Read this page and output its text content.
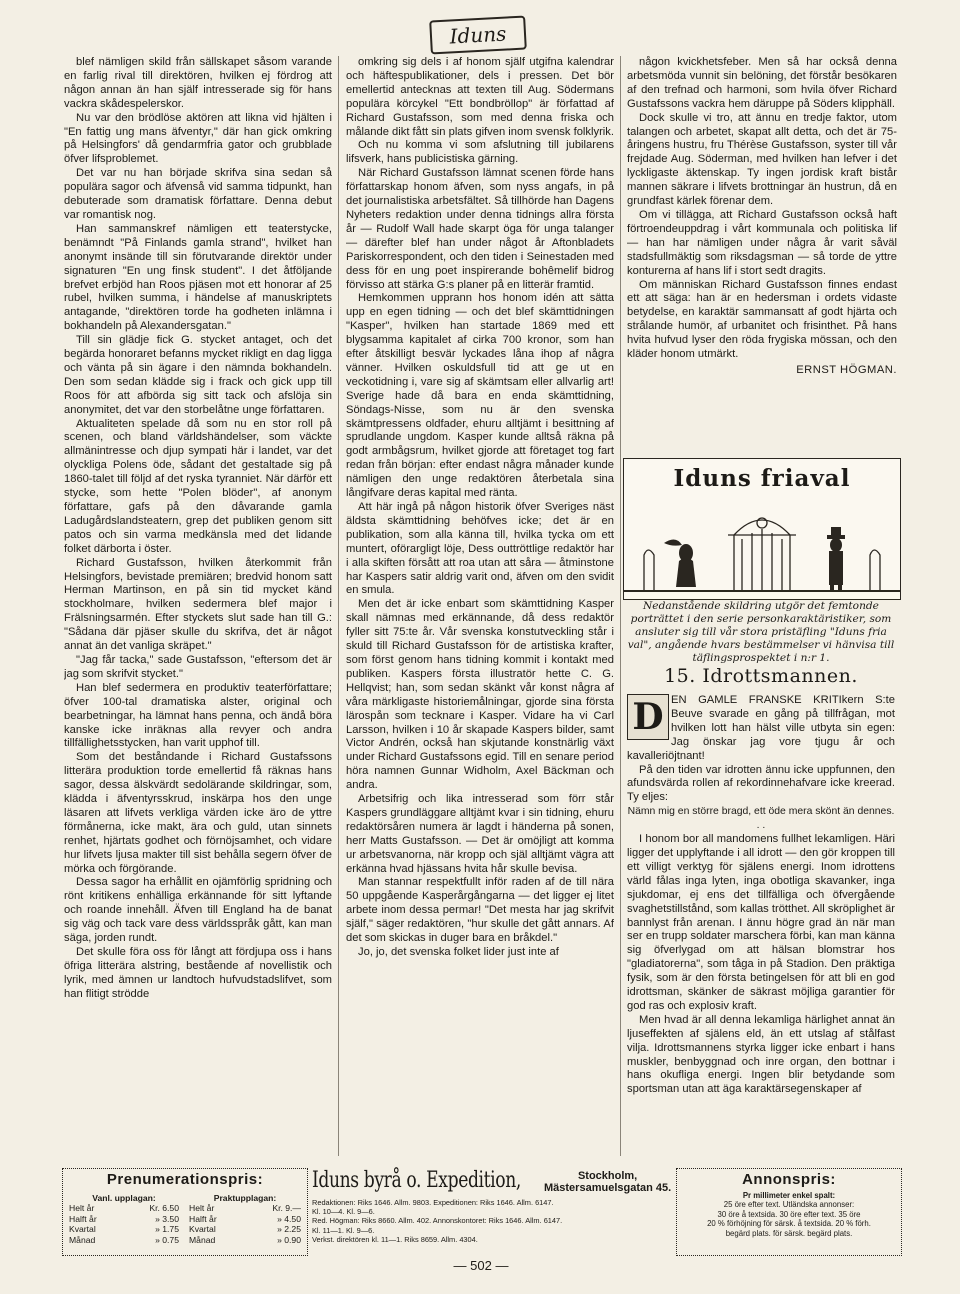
Iduns

blef nämligen skild från sällskapet såsom varande en farlig rival till direktören, hvilken ej fördrog att någon annan än han själf intresserade sig för hans vackra skådespelerskor.

Nu var den brödlöse aktören att likna vid hjälten i "En fattig ung mans äfventyr," där han gick omkring på Helsingfors' då gendarmfria gator och grubblade öfver lifsproblemet.

Det var nu han började skrifva sina sedan så populära sagor och äfvenså vid samma tidpunkt, han debuterade som dramatisk författare. Denna debut var romantisk nog.

Han sammanskref nämligen ett teaterstycke, benämndt "På Finlands gamla strand", hvilket han anonymt insände till sin förutvarande direktör under signaturen "En ung finsk student". I det åtföljande brefvet erbjöd han Roos pjäsen mot ett honorar af 25 rubel, hvilken summa, i händelse af manuskriptets antagande, "direktören torde ha godheten inlämna i bokhandeln på Alexandersgatan."

Till sin glädje fick G. stycket antaget, och det begärda honoraret befanns mycket rikligt en dag ligga och vänta på sin ägare i den nämnda bokhandeln. Den som sedan klädde sig i frack och gick upp till Roos för att afbörda sig sitt tack och afslöja sin anonymitet, det var den storbelåtne unge författaren.

Aktualiteten spelade då som nu en stor roll på scenen, och bland världshändelser, som väckte allmänintresse och djup sympati här i landet, var det olyckliga Polens öde, sådant det gestaltade sig på 1860-talet till följd af det ryska tyranniet. När därför ett stycke, som hette "Polen blöder", af anonym författare, gafs på den dåvarande gamla Ladugårdslandsteatern, grep det publiken genom sitt patos och sin varma medkänsla med det lidande folket därborta i öster.

Richard Gustafsson, hvilken återkommit från Helsingfors, bevistade premiären; bredvid honom satt Herman Martinson, en på sin tid mycket känd stockholmare, hvilken sedermera blef major i Frälsningsarmén. Efter styckets slut sade han till G.: "Sådana där pjäser skulle du skrifva, det är något annat än det vanliga skräpet."

"Jag får tacka," sade Gustafsson, "eftersom det är jag som skrifvit stycket."

Han blef sedermera en produktiv teaterförfattare; öfver 100-tal dramatiska alster, original och bearbetningar, ha lämnat hans penna, och ändå böra kanske icke inräknas alla revyer och andra tillfällighetsstycken, han varit upphof till.

Som det beståndande i Richard Gustafssons litterära produktion torde emellertid få räknas hans sagor, dessa älskvärdt sedolärande skildringar, som, klädda i äfventyrsskrud, inskärpa hos den unge läsaren att lifvets verkliga värden icke äro de yttre förmånerna, icke makt, ära och guld, utan sinnets renhet, hjärtats godhet och förnöjsamhet, och vidare hur lifvets ljusa makter till sist behålla segern öfver de mörka och förgörande.

Dessa sagor ha erhållit en ojämförlig spridning och rönt kritikens enhälliga erkännande för sitt lyftande och roande innehåll. Äfven till England ha de banat sig väg och tack vare dess världsspråk gått, kan man säga, jorden rundt.

Det skulle föra oss för långt att fördjupa oss i hans öfriga litterära alstring, bestående af novellistik och lyrik, med ämnen ur landtoch hufvudstadslifvet, som han flitigt strödde

omkring sig dels i af honom själf utgifna kalendrar och häftespublikationer, dels i pressen. Det bör emellertid antecknas att texten till Aug. Södermans populära körcykel "Ett bondbröllop" är författad af Richard Gustafsson, som med denna friska och målande dikt fått sin plats gifven inom svensk folklyrik.

Och nu komma vi som afslutning till jubilarens lifsverk, hans publicistiska gärning.

När Richard Gustafsson lämnat scenen förde hans författarskap honom äfven, som nyss angafs, in på det journalistiska arbetsfältet. Så tillhörde han Dagens Nyheters redaktion under denna tidnings allra första år — Rudolf Wall hade skarpt öga för unga talanger — därefter blef han under något år Aftonbladets Pariskorrespondent, och den tiden i Seinestaden med dess för en ung poet inspirerande bohêmelif bidrog förvisso att stärka G:s planer på en litterär framtid.

Hemkommen upprann hos honom idén att sätta upp en egen tidning — och det blef skämttidningen "Kasper", hvilken han startade 1869 med ett blygsamma kapitalet af cirka 700 kronor, som han efter åtskilligt besvär lyckades låna ihop af några vänner. Hvilken oskuldsfull tid att ge ut en veckotidning i, vare sig af skämtsam eller allvarlig art! Sverige hade då bara en enda skämttidning, Söndags-Nisse, som nu är den svenska skämtpressens oldfader, ehuru alltjämt i besittning af sprudlande ungdom. Kasper kunde alltså räkna på godt armbågsrum, hvilket gjorde att företaget tog fart redan från början: efter endast några månader kunde nämligen den unge redaktören återbetala sina långifvare deras kapital med ränta.

Att här ingå på någon historik öfver Sveriges näst äldsta skämttidning behöfves icke; det är en publikation, som alla känna till, hvilka tycka om ett muntert, oförargligt löje, Dess outtröttlige redaktör har i alla skiften försått att roa utan att såra — åtminstone har Kaspers satir aldrig varit ond, äfven om den svidit en smula.

Men det är icke enbart som skämttidning Kasper skall nämnas med erkännande, då dess redaktör fyller sitt 75:te år. Vår svenska konstutveckling står i skuld till Richard Gustafsson för de artistiska krafter, som först genom hans tidning kommit i kontakt med publiken. Kaspers första illustratör hette C. G. Hellqvist; han, som sedan skänkt vår konst några af våra märkligaste historiemålningar, gjorde sina första lärospån som tecknare i Kasper. Vidare ha vi Carl Larsson, hvilken i 10 år skapade Kaspers bilder, samt Victor Andrén, också han skjutande konstnärlig växt under Richard Gustafssons egid. Till en senare period höra namnen Gunnar Widholm, Axel Bäckman och andra.

Arbetsifrig och lika intresserad som förr står Kaspers grundläggare alltjämt kvar i sin tidning, ehuru redaktörsåren numera är lagdt i händerna på sonen, herr Matts Gustafsson. — Det är omöjligt att komma ur arbetsvanorna, när kropp och själ alltjämt vägra att erkänna hvad hjässans hvita hår skulle bevisa.

Man stannar respektfullt inför raden af de till nära 50 uppgående Kasperårgångarna — det ligger ej litet arbete inom dessa permar! "Det mesta har jag skrifvit själf," säger redaktören, "hur skulle det gått annars. Af det som skickas in duger bara en bråkdel."

Jo, jo, det svenska folket lider just inte af

någon kvickhetsfeber. Men så har också denna arbetsmöda vunnit sin belöning, det förstår besökaren af den trefnad och harmoni, som hvila öfver Richard Gustafssons vackra hem däruppe på Söders klipphäll.

Dock skulle vi tro, att ännu en tredje faktor, utom talangen och arbetet, skapat allt detta, och det är 75-åringens hustru, fru Thérèse Gustafsson, syster till vår frejdade Aug. Söderman, med hvilken han lefver i det lyckligaste äktenskap. Ty ingen jordisk kraft bistår mannen säkrare i lifvets brottningar än hustrun, då en grundfast kärlek förenar dem.

Om vi tillägga, att Richard Gustafsson också haft förtroendeuppdrag i vårt kommunala och politiska lif — han har nämligen under några år varit såväl stadsfullmäktig som riksdagsman — så torde de yttre konturerna af hans lif i stort sedt dragits.

Om människan Richard Gustafsson finnes endast ett att säga: han är en hedersman i ordets vidaste betydelse, en karaktär sammansatt af godt hjärta och strålande humör, af urbanitet och frisinthet. På hans hvita hufvud lyser den röda frygiska mössan, och den kläder honom utmärkt.

ERNST HÖGMAN.

Iduns friaval
Nedanstående skildring utgör det femtonde porträttet i den serie personkaraktäristiker, som ansluter sig till vår stora pristäfling "Iduns fria val", angående hvars bestämmelser vi hänvisa till täflingsprospektet i n:r 1.
15. Idrottsmannen.

D EN GAMLE FRANSKE KRITIkern S:te Beuve svarade en gång på tillfrågan, mot hvilken lott han hälst ville utbyta sin egen: Jag önskar jag vore tjugu år och kavalleriöjtnant!

På den tiden var idrotten ännu icke uppfunnen, den afundsvärda rollen af rekordinnehafvare icke kreerad. Ty eljes:

Nämn mig en större bragd, ett öde mera skönt än dennes. . .

I honom bor all mandomens fullhet lekamligen. Häri ligger det upplyftande i all idrott — den gör kroppen till ett villigt verktyg för själens energi. Inom idrottens värld fålas inga lyten, inga obotliga skavanker, inga sjukdomar, ej ens det tillfälliga och öfvergående svaghetstillstånd, som kallas trötthet. All skröplighet är bannlyst från arenan. I ännu högre grad än när man ser en trupp soldater marschera förbi, kan man känna sig öfverlygad om att hälsan blomstrar hos "gladiatorerna", som tåga in på Stadion. Den präktiga fysik, som är den första betingelsen för att bli en god idrottsman, skänker de säkrast möjliga garantier för god ras och explosiv kraft.

Men hvad är all denna lekamliga härlighet annat än ljuseffekten af själens eld, än ett utslag af stålfast vilja. Idrottsmannens styrka ligger icke enbart i hans muskler, benbyggnad och inre organ, den bottnar i hans okufliga energi. Ingen blir betydande som sportsman utan att äga karaktärsegenskaper af

Prenumerationspris:
Vanl. upplagan:
Helt år	Kr. 6.50
Halft år	» 3.50
Kvartal	» 1.75
Månad	» 0.75
Praktupplagan:
Helt år	Kr. 9.—
Halft år	» 4.50
Kvartal	» 2.25
Månad	» 0.90
Iduns byrå o. Expedition,	Stockholm,
Mästersamuelsgatan 45.
Redaktionen: Riks 1646. Allm. 9803. Expeditionen: Riks 1646. Allm. 6147.
Kl. 10—4. Kl. 9—6.
Red. Högman: Riks 8660. Allm. 402. Annonskontoret: Riks 1646. Allm. 6147.
Kl. 11—1. Kl. 9—6.
Verkst. direktören kl. 11—1. Riks 8659. Allm. 4304.
Annonspris:
Pr millimeter enkel spalt:
25 öre efter text. Utländska annonser:
30 öre å textsida. 30 öre efter text. 35 öre
20 % förhöjning för särsk. å textsida. 20 % förh.
begärd plats. för särsk. begärd plats.
— 502 —
